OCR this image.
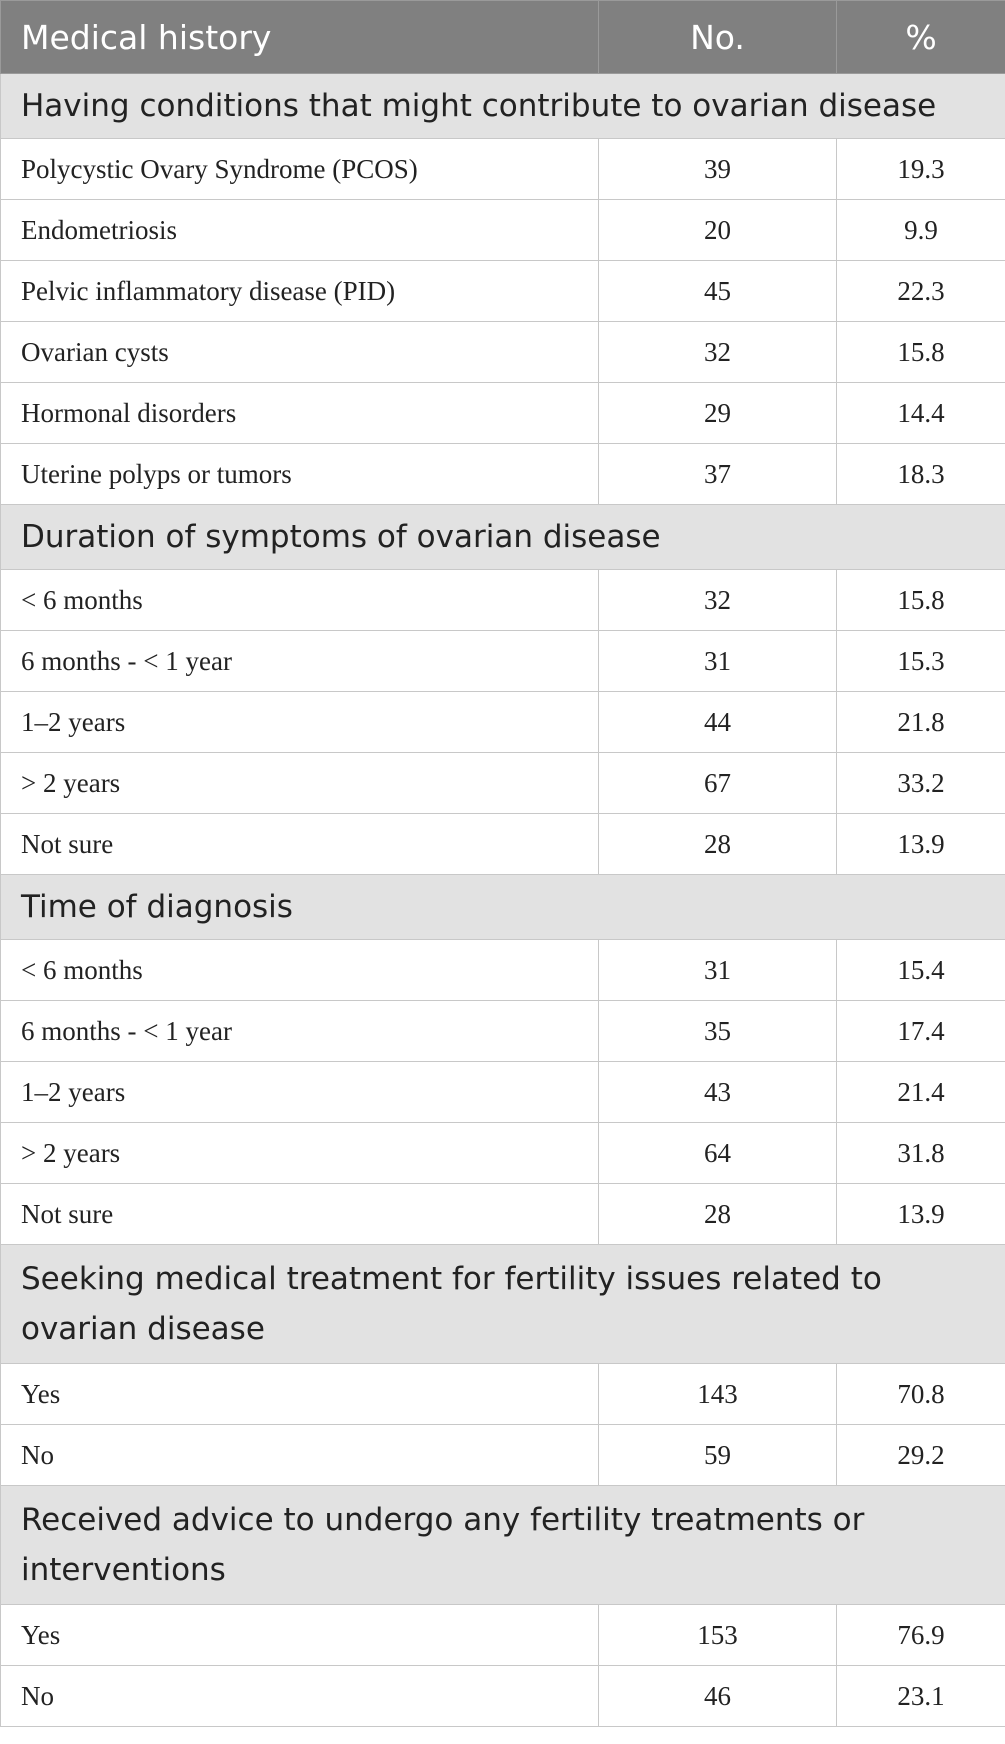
Medical history	No.	%
Having conditions that might contribute to ovarian disease		
Polycystic Ovary Syndrome (PCOS)	39	19.3
Endometriosis	20	9.9
Pelvic inflammatory disease (PID)	45	22.3
Ovarian cysts	32	15.8
Hormonal disorders	29	14.4
Uterine polyps or tumors	37	18.3
Duration of symptoms of ovarian disease		
< 6 months	32	15.8
6 months - < 1 year	31	15.3
1–2 years	44	21.8
> 2 years	67	33.2
Not sure	28	13.9
Time of diagnosis		
< 6 months	31	15.4
6 months - < 1 year	35	17.4
1–2 years	43	21.4
> 2 years	64	31.8
Not sure	28	13.9
Seeking medical treatment for fertility issues related to ovarian disease		
Yes	143	70.8
No	59	29.2
Received advice to undergo any fertility treatments or interventions		
Yes	153	76.9
No	46	23.1
